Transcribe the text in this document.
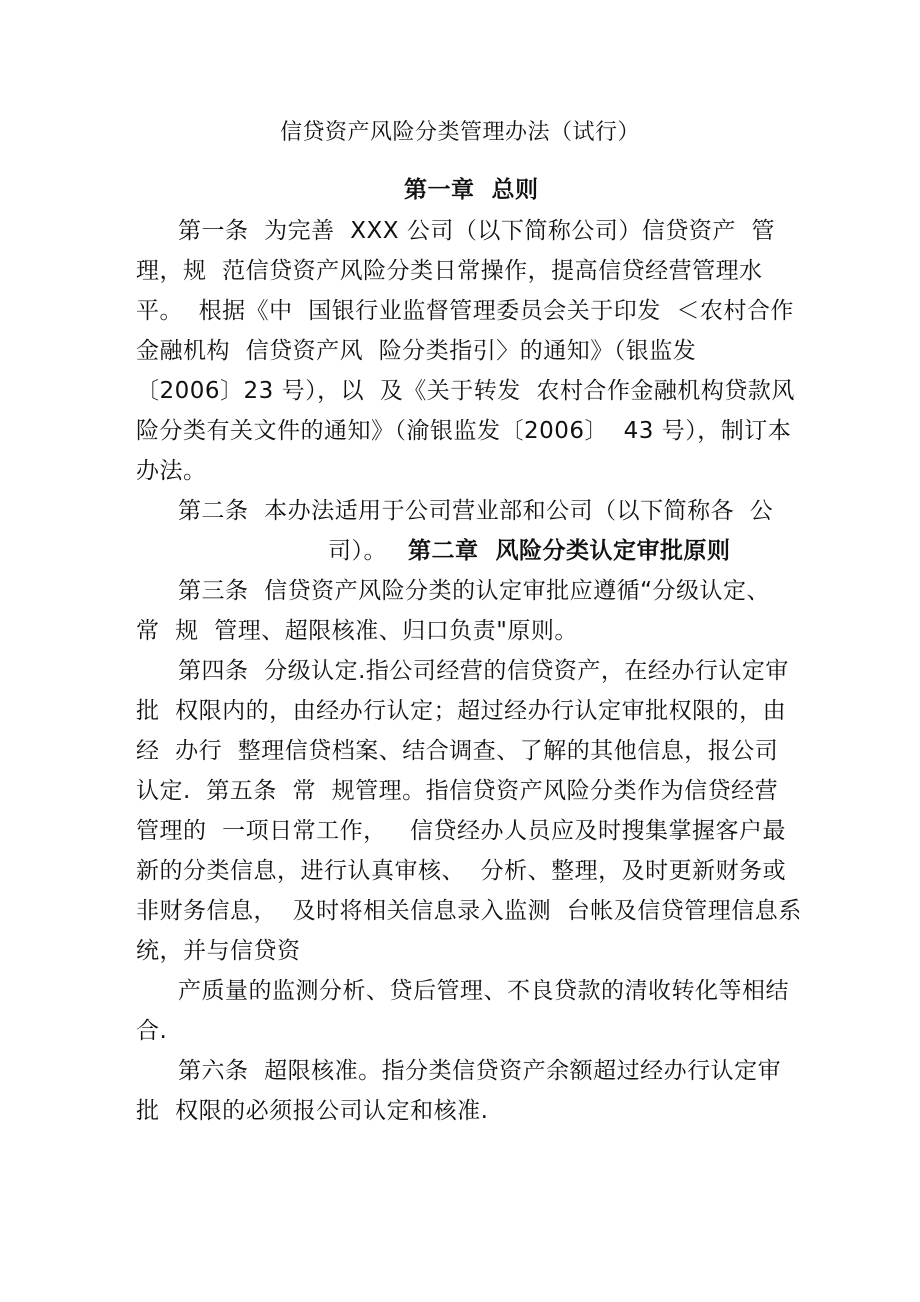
信贷资产风险分类管理办法（试行）
第一章  总则
第一条  为完善  XXX 公司（以下简称公司）信贷资产  管
理，规  范信贷资产风险分类日常操作，提高信贷经营管理水
平。  根据《中  国银行业监督管理委员会关于印发  ＜农村合作
金融机构  信贷资产风  险分类指引〉的通知》（银监发
〔2006〕23 号），以  及《关于转发  农村合作金融机构贷款风
险分类有关文件的通知》（渝银监发〔2006〕  43 号），制订本
办法。
第二条  本办法适用于公司营业部和公司（以下简称各  公
司）。 第二章  风险分类认定审批原则
第三条  信贷资产风险分类的认定审批应遵循“分级认定、
常  规  管理、超限核准、归口负责"原则。
第四条  分级认定.指公司经营的信贷资产，在经办行认定审
批  权限内的，由经办行认定；超过经办行认定审批权限的，由
经  办行  整理信贷档案、结合调查、了解的其他信息，报公司
认定.  第五条  常  规管理。指信贷资产风险分类作为信贷经营
管理的  一项日常工作，   信贷经办人员应及时搜集掌握客户最
新的分类信息，进行认真审核、  分析、整理，及时更新财务或
非财务信息，  及时将相关信息录入监测  台帐及信贷管理信息系
统，并与信贷资
产质量的监测分析、贷后管理、不良贷款的清收转化等相结
合.
第六条  超限核准。指分类信贷资产余额超过经办行认定审
批  权限的必须报公司认定和核准.
